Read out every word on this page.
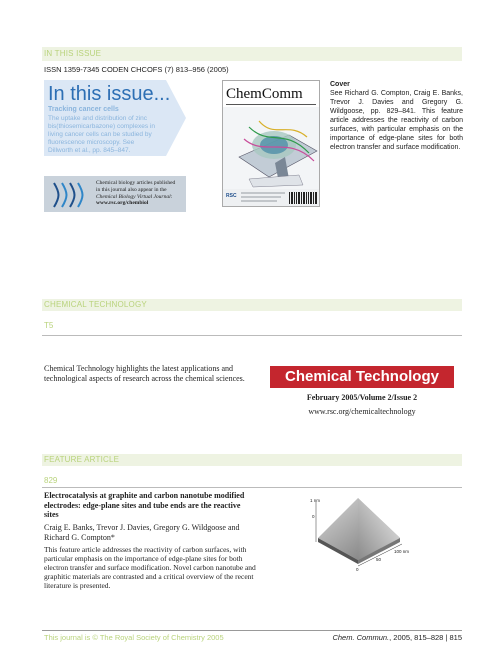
IN THIS ISSUE
ISSN 1359-7345 CODEN CHCOFS (7) 813–956 (2005)
In this issue...
Tracking cancer cells
The uptake and distribution of zinc
bis(thiosemicarbazone) complexes in
living cancer cells can be studied by
fluorescence microscopy. See
Dillworth et al., pp. 845–847.
Chemical biology articles published
in this journal also appear in the
Chemical Biology Virtual Journal:
www.rsc.org/chembiol
ChemComm
RSC
Cover
See Richard G. Compton, Craig E. Banks, Trevor J. Davies and Gregory G. Wildgoose, pp. 829–841. This feature article addresses the reactivity of carbon surfaces, with particular emphasis on the importance of edge-plane sites for both electron transfer and surface modification.
CHEMICAL TECHNOLOGY
T5
Chemical Technology highlights the latest applications and technological aspects of research across the chemical sciences.	Chemical Technology
February 2005/Volume 2/Issue 2
www.rsc.org/chemicaltechnology
FEATURE ARTICLE
829
Electrocatalysis at graphite and carbon nanotube modified electrodes: edge-plane sites and tube ends are the reactive sites
Craig E. Banks, Trevor J. Davies, Gregory G. Wildgoose and Richard G. Compton*
This feature article addresses the reactivity of carbon surfaces, with particular emphasis on the importance of edge-plane sites for both electron transfer and surface modification. Novel carbon nanotube and graphitic materials are contrasted and a critical overview of the recent literature is presented.
1 nm
0
100 nm
50
0
This journal is © The Royal Society of Chemistry 2005	Chem. Commun., 2005, 815–828 | 815
